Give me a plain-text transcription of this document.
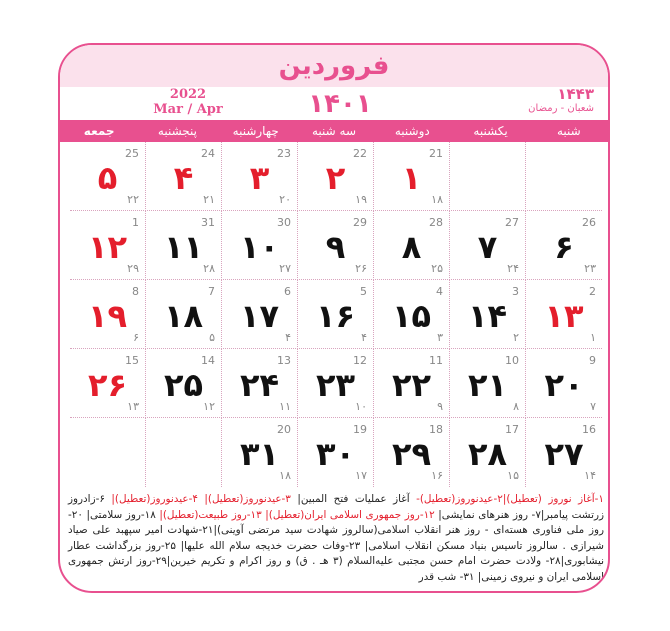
فروردین
2022
Mar / Apr	۱۴۰۱	۱۴۴۳
شعبان - رمضان
شنبه
یکشنبه
دوشنبه
سه شنبه
چهارشنبه
پنجشنبه
جمعه
21
۱
۱۸
22
۲
۱۹
23
۳
۲۰
24
۴
۲۱
25
۵
۲۲
26
۶
۲۳
27
۷
۲۴
28
۸
۲۵
29
۹
۲۶
30
۱۰
۲۷
31
۱۱
۲۸
1
۱۲
۲۹
2
۱۳
۱
3
۱۴
۲
4
۱۵
۳
5
۱۶
۴
6
۱۷
۴
7
۱۸
۵
8
۱۹
۶
9
۲۰
۷
10
۲۱
۸
11
۲۲
۹
12
۲۳
۱۰
13
۲۴
۱۱
14
۲۵
۱۲
15
۲۶
۱۳
16
۲۷
۱۴
17
۲۸
۱۵
18
۲۹
۱۶
19
۳۰
۱۷
20
۳۱
۱۸
۱-آغاز نوروز (تعطیل)|۲-عیدنوروز(تعطیل)- آغاز عملیات فتح المبین| ۳-عیدنوروز(تعطیل)| ۴-عیدنوروز(تعطیل)| ۶-زادروز زرتشت پیامبر|۷- روز هنرهای نمایشی| ۱۲-روز جمهوری اسلامی ایران(تعطیل)| ۱۳-روز طبیعت(تعطیل)| ۱۸-روز سلامتی| ۲۰-روز ملی فناوری هسته‌ای - روز هنر انقلاب اسلامی(سالروز شهادت سید مرتضی آوینی)|۲۱-شهادت امیر سپهبد علی صیاد شیرازی . سالروز تاسیس بنیاد مسکن انقلاب اسلامی| ۲۳-وفات حضرت خدیجه سلام الله علیها| ۲۵-روز بزرگداشت عطار نیشابوری|۲۸- ولادت حضرت امام حسن مجتبی علیه‌السلام (۳ هـ . ق) و روز اکرام و تکریم خیرین|۲۹-روز ارتش جمهوری اسلامی ایران و نیروی زمینی| ۳۱- شب قدر
